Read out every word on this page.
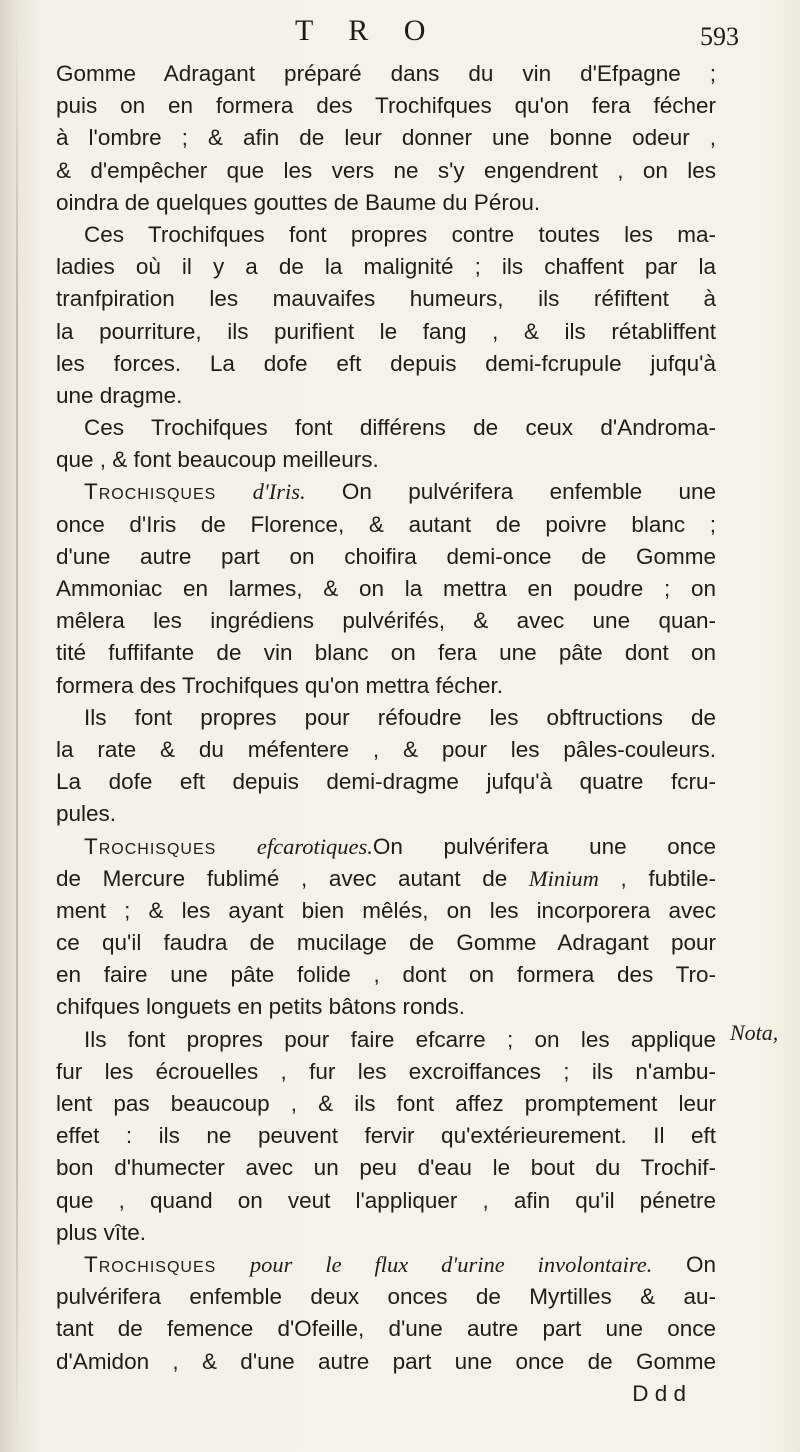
T R O	593
Gomme Adragant préparé dans du vin d'Efpagne ;
puis on en formera des Trochifques qu'on fera fécher
à l'ombre ; & afin de leur donner une bonne odeur ,
& d'empêcher que les vers ne s'y engendrent , on les
oindra de quelques gouttes de Baume du Pérou.
Ces Trochifques font propres contre toutes les ma-
ladies où il y a de la malignité ; ils chaffent par la
tranfpiration les mauvaifes humeurs, ils réfiftent à
la pourriture, ils purifient le fang , & ils rétabliffent
les forces. La dofe eft depuis demi-fcrupule jufqu'à
une dragme.
Ces Trochifques font différens de ceux d'Androma-
que , & font beaucoup meilleurs.
Trochisques d'Iris. On pulvérifera enfemble une
once d'Iris de Florence, & autant de poivre blanc ;
d'une autre part on choifira demi-once de Gomme
Ammoniac en larmes, & on la mettra en poudre ; on
mêlera les ingrédiens pulvérifés, & avec une quan-
tité fuffifante de vin blanc on fera une pâte dont on
formera des Trochifques qu'on mettra fécher.
Ils font propres pour réfoudre les obftructions de
la rate & du méfentere , & pour les pâles-couleurs.
La dofe eft depuis demi-dragme jufqu'à quatre fcru-
pules.
Trochisques efcarotiques.On pulvérifera une once
de Mercure fublimé , avec autant de Minium , fubtile-
ment ; & les ayant bien mêlés, on les incorporera avec
ce qu'il faudra de mucilage de Gomme Adragant pour
en faire une pâte folide , dont on formera des Tro-
chifques longuets en petits bâtons ronds.
Ils font propres pour faire efcarre ; on les applique
fur les écrouelles , fur les excroiffances ; ils n'ambu-
lent pas beaucoup , & ils font affez promptement leur
effet : ils ne peuvent fervir qu'extérieurement. Il eft
bon d'humecter avec un peu d'eau le bout du Trochif-
que , quand on veut l'appliquer , afin qu'il pénetre
plus vîte.
Trochisques pour le flux d'urine involontaire. On
pulvérifera enfemble deux onces de Myrtilles & au-
tant de femence d'Ofeille, d'une autre part une once
d'Amidon , & d'une autre part une once de Gomme
D d d
Nota,
